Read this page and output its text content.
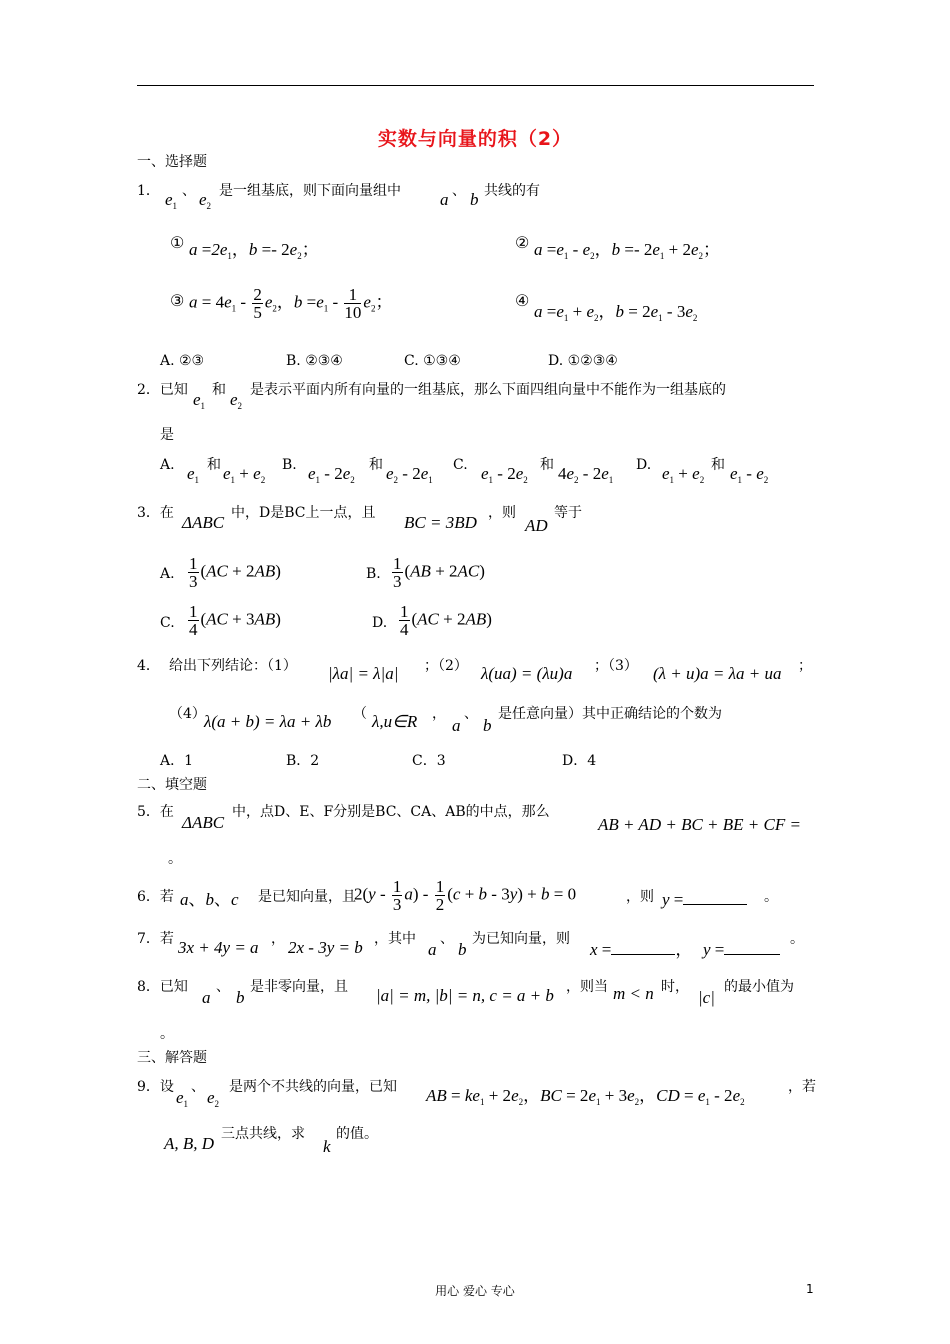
实数与向量的积（2）
一、选择题
1． $e_1$
、 $e_2$
是一组基底，则下面向量组中 a 、 b 共线的有
① $a =2e_1$，$b =- 2e_2$；	② $a =e_1 - e_2$，$b =- 2e_1 + 2e_2$；
③ $a = 4e_1 - \frac{2}{5} e_2$，$b =e_1 - \frac{1}{10} e_2$；	④
$a =e_1 + e_2$，$b = 2e_1 - 3e_2$
A. ②③	B. ②③④	C. ①③④	D. ①②③④
2．已知 $e_1$
和 $e_2$
是表示平面内所有向量的一组基底，那么下面四组向量中不能作为一组基底的
是
A. $e_1$
和 $e_1 + e_2$
B. $e_1 - 2e_2$
和 $e_2 - 2e_1$
C. $e_1 - 2e_2$
和 $4e_2 - 2e_1$
D. $e_1 + e_2$
和 $e_1 - e_2$
3．在 ΔABC 中，D是BC上一点，且 BC = 3BD ，则
AD
等于
A. $\frac{1}{3} (AC + 2AB)$	B. $\frac{1}{3} (AB + 2AC)$
C. $\frac{1}{4} (AC + 3AB)$	D. $\frac{1}{4} (AC + 2AB)$
4． 给出下列结论：（1） |λa| = λ|a| ；（2） λ(ua) = (λu)a ；（3） (λ + u)a = λa + ua ；
（4）
λ(a + b) = λa + λb （ λ,u∈R ，
a
、
b
是任意向量）其中正确结论的个数为
A．1	B．2	C．3	D．4
二、填空题
5．在
ΔABC
中，点D、E、F分别是BC、CA、AB的中点，那么
AB + AD + BC + BE + CF =
。
6．若 a、b、c 是已知向量，且
$2(y - \frac{1}{3} a) - \frac{1}{2} (c + b - 3y) + b = 0$	，则 y =	。
7．若 3x + 4y = a ， 2x - 3y = b ，其中
a
、
b
为已知向量，则
x =	， y =
。
8．已知
a
、
b
是非零向量，且 |a| = m, |b| = n, c = a + b ，则当 m < n 时，
|c|
的最小值为
。
三、解答题
9．设
$e_1$
、
$e_2$
是两个不共线的向量，已知 AB = $ke_1 + 2e_2$，BC = $2e_1 + 3e_2$，CD = $e_1 - 2e_2$
，若
A, B, D 三点共线，求
k
的值。
用心 爱心 专心	1
